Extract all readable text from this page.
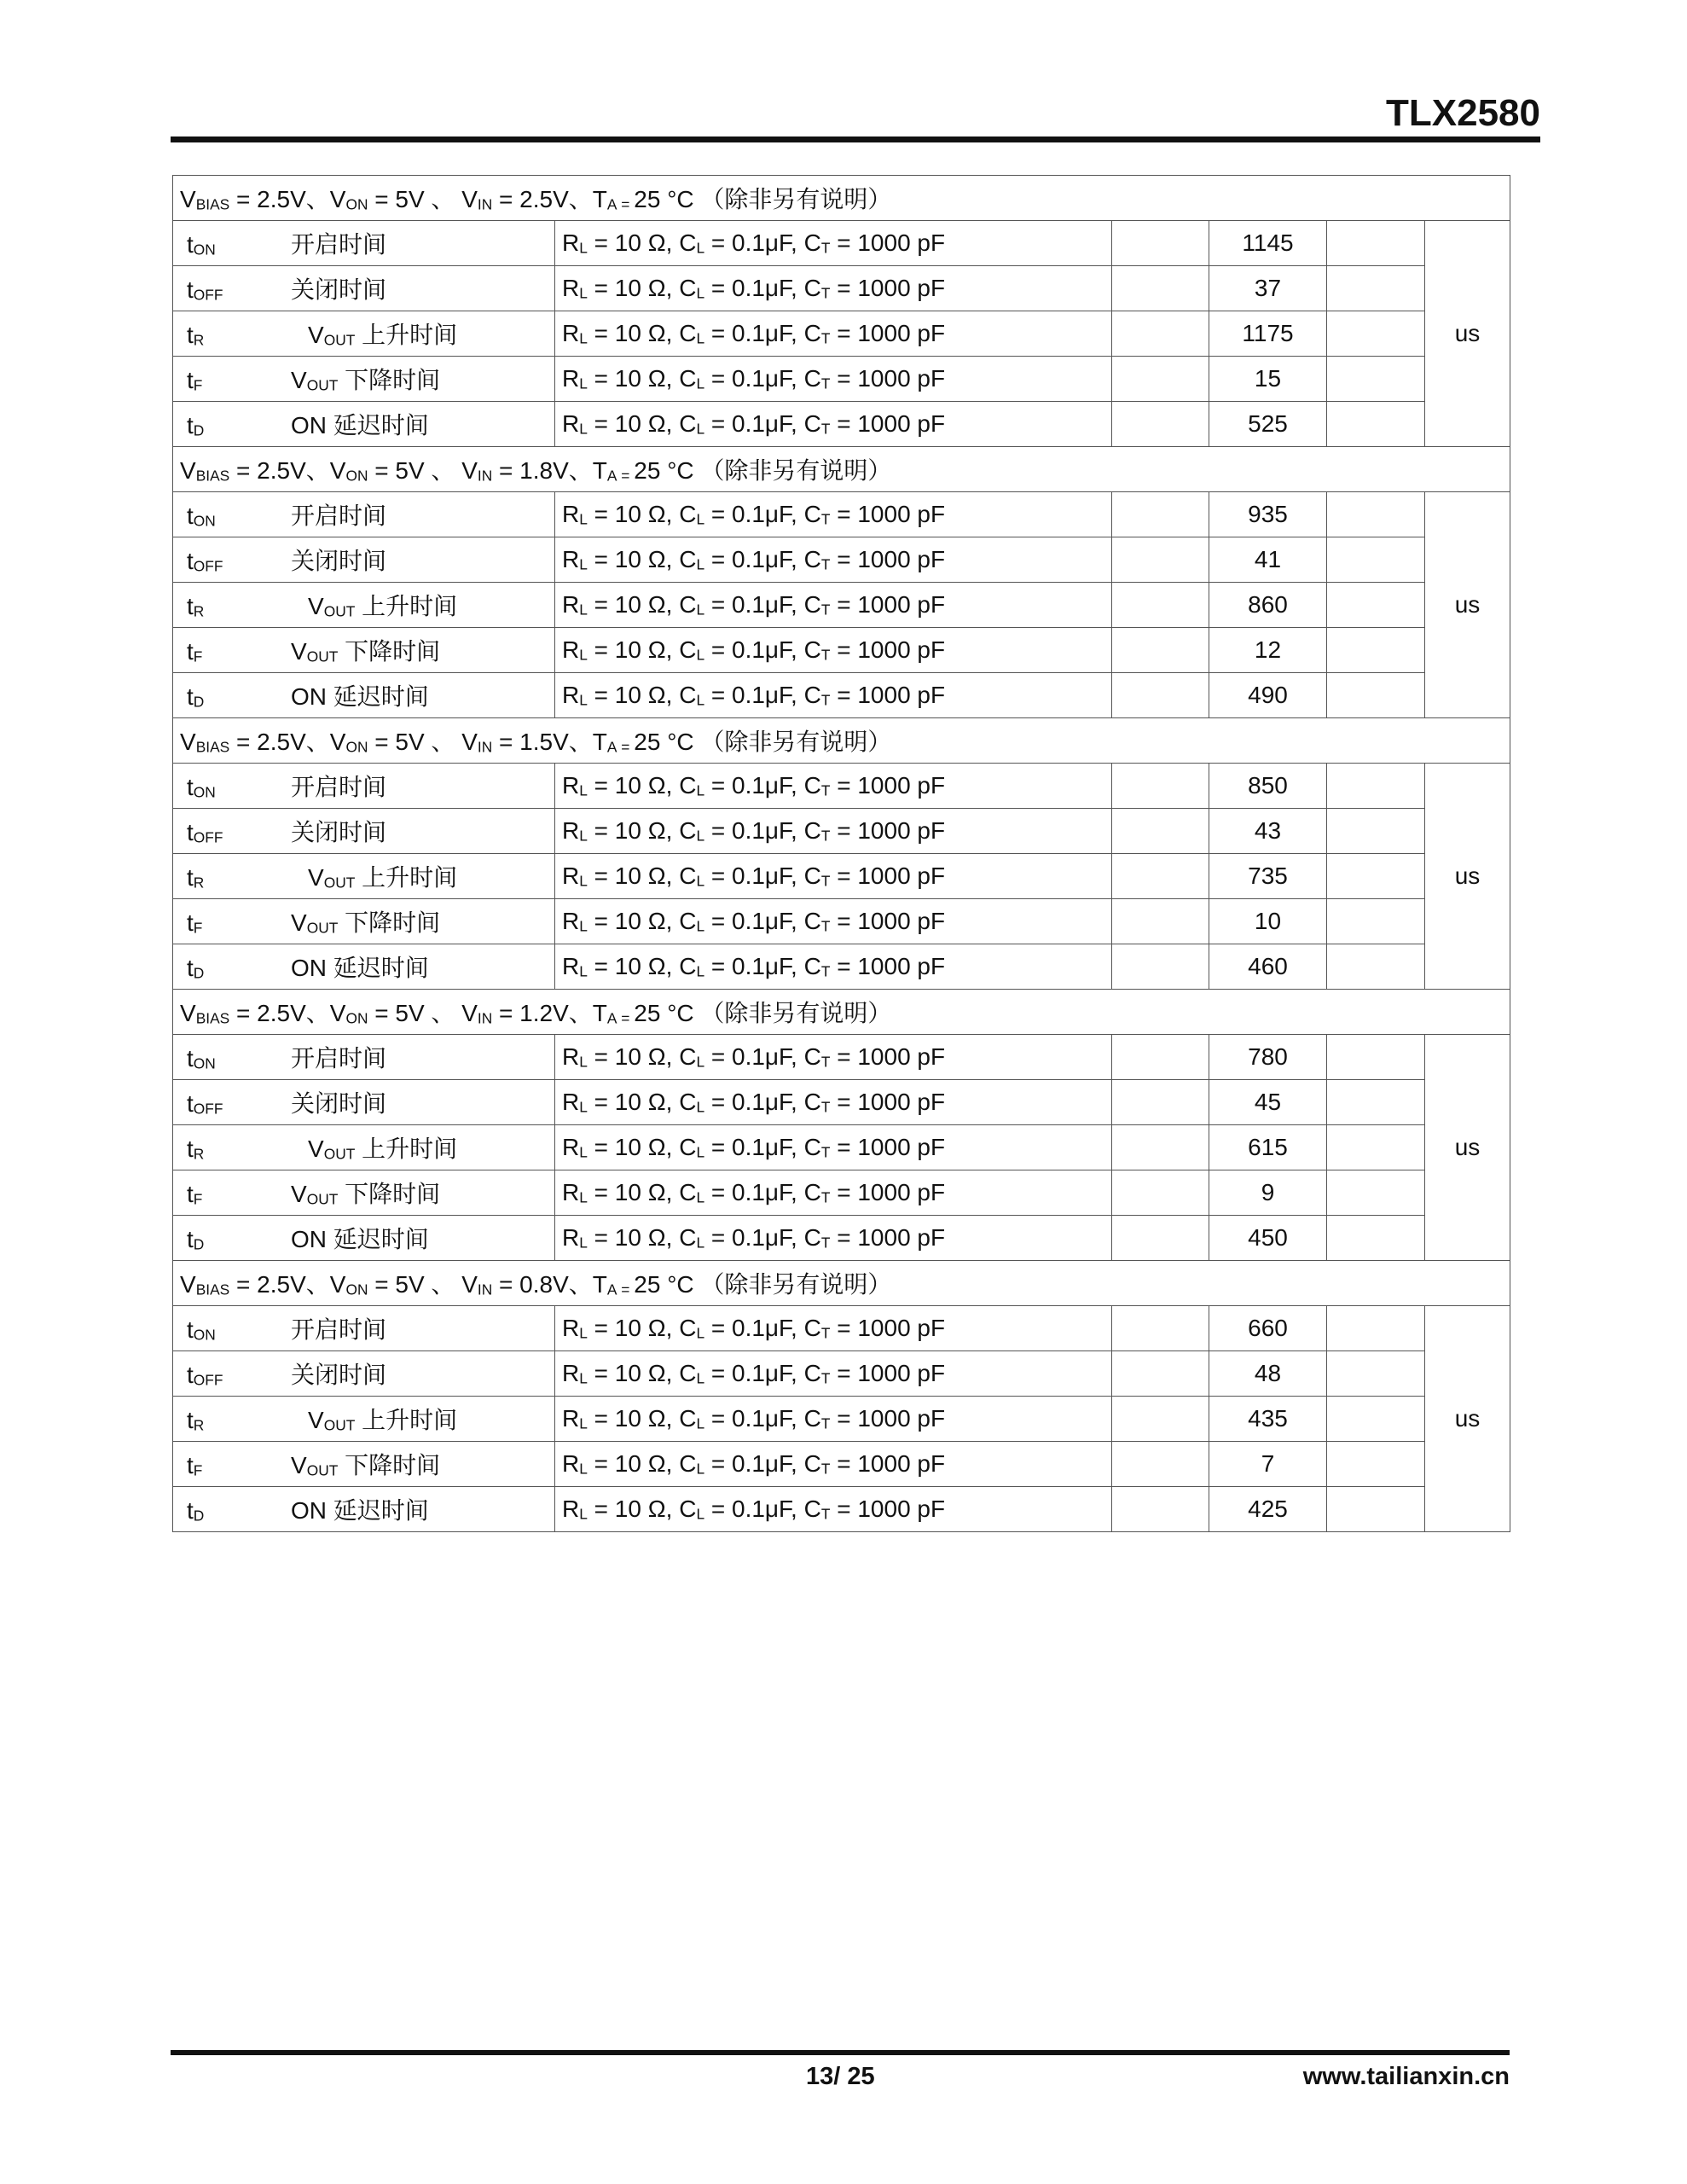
TLX2580
$V_{BIAS} = 2.5V$、$V_{ON} = 5V$ 、 $V_{IN} = 2.5V$、$T_A$ $_=$ 25 °C （除非另有说明）					
$t_{ON}$ 开启时间	$R_L = 10$ Ω, $C_L = 0.1\mu F$, $C_T = 1000$ pF		1145		us
$t_{OFF}$ 关闭时间	$R_L = 10$ Ω, $C_L = 0.1\mu F$, $C_T = 1000$ pF		37		
$t_R$ $V_{OUT}$ 上升时间	$R_L = 10$ Ω, $C_L = 0.1\mu F$, $C_T = 1000$ pF		1175		
$t_F$ $V_{OUT}$ 下降时间	$R_L = 10$ Ω, $C_L = 0.1\mu F$, $C_T = 1000$ pF		15		
$t_D$ ON 延迟时间	$R_L = 10$ Ω, $C_L = 0.1\mu F$, $C_T = 1000$ pF		525		
$V_{BIAS} = 2.5V$、$V_{ON} = 5V$ 、 $V_{IN} = 1.8V$、$T_A$ $_=$ 25 °C （除非另有说明）					
$t_{ON}$ 开启时间	$R_L = 10$ Ω, $C_L = 0.1\mu F$, $C_T = 1000$ pF		935		us
$t_{OFF}$ 关闭时间	$R_L = 10$ Ω, $C_L = 0.1\mu F$, $C_T = 1000$ pF		41		
$t_R$ $V_{OUT}$ 上升时间	$R_L = 10$ Ω, $C_L = 0.1\mu F$, $C_T = 1000$ pF		860		
$t_F$ $V_{OUT}$ 下降时间	$R_L = 10$ Ω, $C_L = 0.1\mu F$, $C_T = 1000$ pF		12		
$t_D$ ON 延迟时间	$R_L = 10$ Ω, $C_L = 0.1\mu F$, $C_T = 1000$ pF		490		
$V_{BIAS} = 2.5V$、$V_{ON} = 5V$ 、 $V_{IN} = 1.5V$、$T_A$ $_=$ 25 °C （除非另有说明）					
$t_{ON}$ 开启时间	$R_L = 10$ Ω, $C_L = 0.1\mu F$, $C_T = 1000$ pF		850		us
$t_{OFF}$ 关闭时间	$R_L = 10$ Ω, $C_L = 0.1\mu F$, $C_T = 1000$ pF		43		
$t_R$ $V_{OUT}$ 上升时间	$R_L = 10$ Ω, $C_L = 0.1\mu F$, $C_T = 1000$ pF		735		
$t_F$ $V_{OUT}$ 下降时间	$R_L = 10$ Ω, $C_L = 0.1\mu F$, $C_T = 1000$ pF		10		
$t_D$ ON 延迟时间	$R_L = 10$ Ω, $C_L = 0.1\mu F$, $C_T = 1000$ pF		460		
$V_{BIAS} = 2.5V$、$V_{ON} = 5V$ 、 $V_{IN} = 1.2V$、$T_A$ $_=$ 25 °C （除非另有说明）					
$t_{ON}$ 开启时间	$R_L = 10$ Ω, $C_L = 0.1\mu F$, $C_T = 1000$ pF		780		us
$t_{OFF}$ 关闭时间	$R_L = 10$ Ω, $C_L = 0.1\mu F$, $C_T = 1000$ pF		45		
$t_R$ $V_{OUT}$ 上升时间	$R_L = 10$ Ω, $C_L = 0.1\mu F$, $C_T = 1000$ pF		615		
$t_F$ $V_{OUT}$ 下降时间	$R_L = 10$ Ω, $C_L = 0.1\mu F$, $C_T = 1000$ pF		9		
$t_D$ ON 延迟时间	$R_L = 10$ Ω, $C_L = 0.1\mu F$, $C_T = 1000$ pF		450		
$V_{BIAS} = 2.5V$、$V_{ON} = 5V$ 、 $V_{IN} = 0.8V$、$T_A$ $_=$ 25 °C （除非另有说明）					
$t_{ON}$ 开启时间	$R_L = 10$ Ω, $C_L = 0.1\mu F$, $C_T = 1000$ pF		660		us
$t_{OFF}$ 关闭时间	$R_L = 10$ Ω, $C_L = 0.1\mu F$, $C_T = 1000$ pF		48		
$t_R$ $V_{OUT}$ 上升时间	$R_L = 10$ Ω, $C_L = 0.1\mu F$, $C_T = 1000$ pF		435		
$t_F$ $V_{OUT}$ 下降时间	$R_L = 10$ Ω, $C_L = 0.1\mu F$, $C_T = 1000$ pF		7		
$t_D$ ON 延迟时间	$R_L = 10$ Ω, $C_L = 0.1\mu F$, $C_T = 1000$ pF		425		
13/ 25	www.tailianxin.cn
